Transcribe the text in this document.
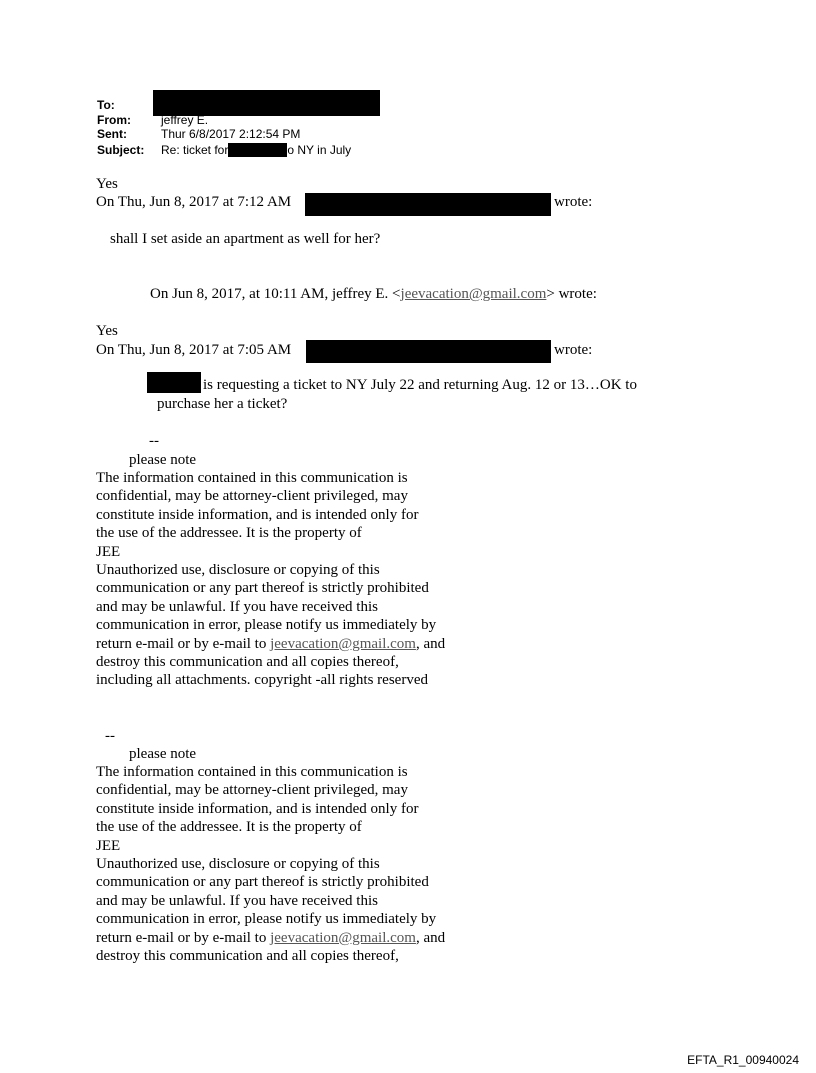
To:
From:	jeffrey E.
Sent:	Thur 6/8/2017 2:12:54 PM
Subject: Re: ticket for	o NY in July
Yes
On Thu, Jun 8, 2017 at 7:12 AM	wrote:
shall I set aside an apartment as well for her?
On Jun 8, 2017, at 10:11 AM, jeffrey E. <jeevacation@gmail.com> wrote:
Yes
On Thu, Jun 8, 2017 at 7:05 AM	wrote:
is requesting a ticket to NY July 22 and returning Aug. 12 or 13…OK to
purchase her a ticket?
--
please note
The information contained in this communication is
confidential, may be attorney-client privileged, may
constitute inside information, and is intended only for
the use of the addressee. It is the property of
JEE
Unauthorized use, disclosure or copying of this
communication or any part thereof is strictly prohibited
and may be unlawful. If you have received this
communication in error, please notify us immediately by
return e-mail or by e-mail to jeevacation@gmail.com, and
destroy this communication and all copies thereof,
including all attachments. copyright -all rights reserved
--
please note
The information contained in this communication is
confidential, may be attorney-client privileged, may
constitute inside information, and is intended only for
the use of the addressee. It is the property of
JEE
Unauthorized use, disclosure or copying of this
communication or any part thereof is strictly prohibited
and may be unlawful. If you have received this
communication in error, please notify us immediately by
return e-mail or by e-mail to jeevacation@gmail.com, and
destroy this communication and all copies thereof,
EFTA_R1_00940024
